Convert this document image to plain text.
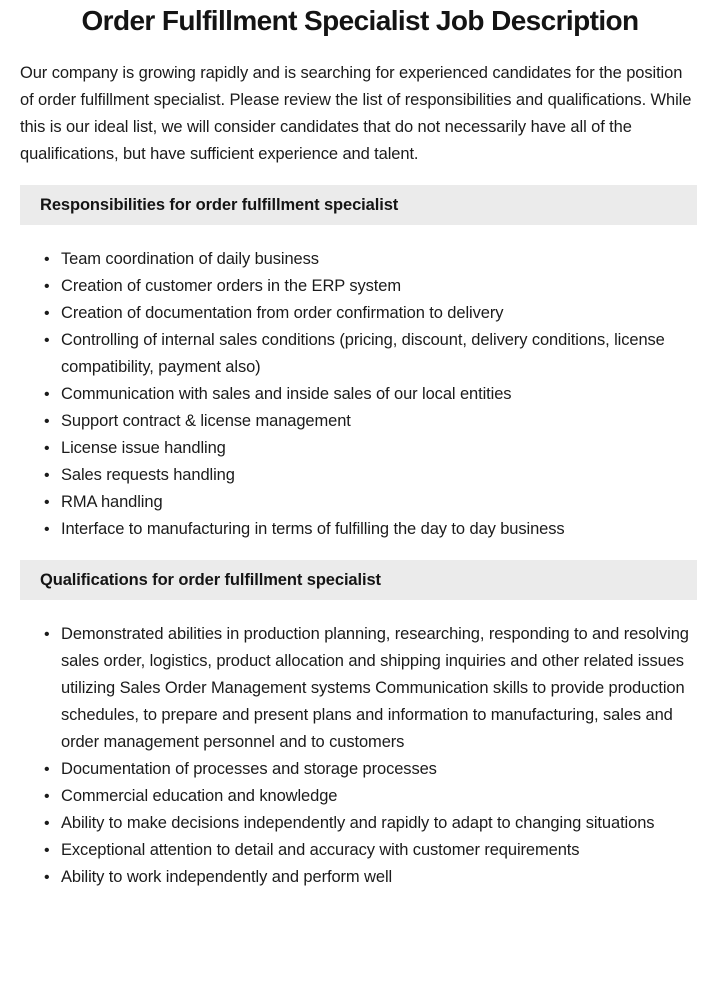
Order Fulfillment Specialist Job Description

Our company is growing rapidly and is searching for experienced candidates for the position of order fulfillment specialist. Please review the list of responsibilities and qualifications. While this is our ideal list, we will consider candidates that do not necessarily have all of the qualifications, but have sufficient experience and talent.

Responsibilities for order fulfillment specialist
• Team coordination of daily business
• Creation of customer orders in the ERP system
• Creation of documentation from order confirmation to delivery
• Controlling of internal sales conditions (pricing, discount, delivery conditions, license compatibility, payment also)
• Communication with sales and inside sales of our local entities
• Support contract & license management
• License issue handling
• Sales requests handling
• RMA handling
• Interface to manufacturing in terms of fulfilling the day to day business
Qualifications for order fulfillment specialist
• Demonstrated abilities in production planning, researching, responding to and resolving sales order, logistics, product allocation and shipping inquiries and other related issues utilizing Sales Order Management systems Communication skills to provide production schedules, to prepare and present plans and information to manufacturing, sales and order management personnel and to customers
• Documentation of processes and storage processes
• Commercial education and knowledge
• Ability to make decisions independently and rapidly to adapt to changing situations
• Exceptional attention to detail and accuracy with customer requirements
• Ability to work independently and perform well
